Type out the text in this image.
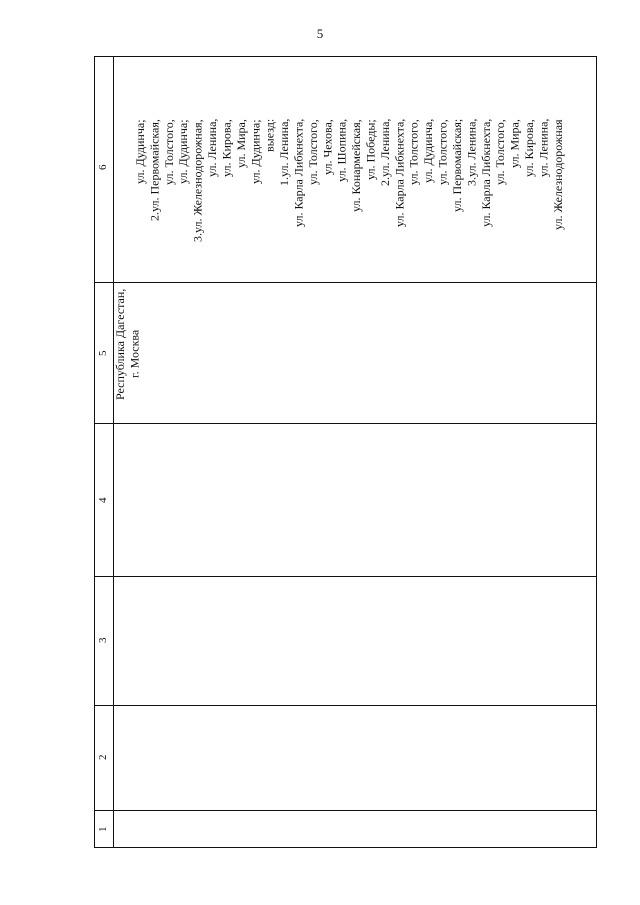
5
6
5
4
3
2
1
Республика Дагестан, г. Москва
ул. Дудинча;
2.ул. Первомайская, ул. Толстого, ул. Дудинча;
3.ул. Железнодорожная, ул. Ленина, ул. Кирова, ул. Мира, ул. Дудинча; выезд:
1.ул. Ленина, ул. Карла Либкнехта, ул. Толстого, ул. Чехова, ул. Шопина, ул. Конармейская, ул. Победы;
2.ул. Ленина, ул. Карла Либкнехта, ул. Толстого, ул. Дудинча, ул. Толстого, ул. Первомайская; 3.ул. Ленина, ул. Карла Либкнехта, ул. Толстого, ул. Мира, ул. Кирова, ул. Ленина, ул. Железнодорожная
